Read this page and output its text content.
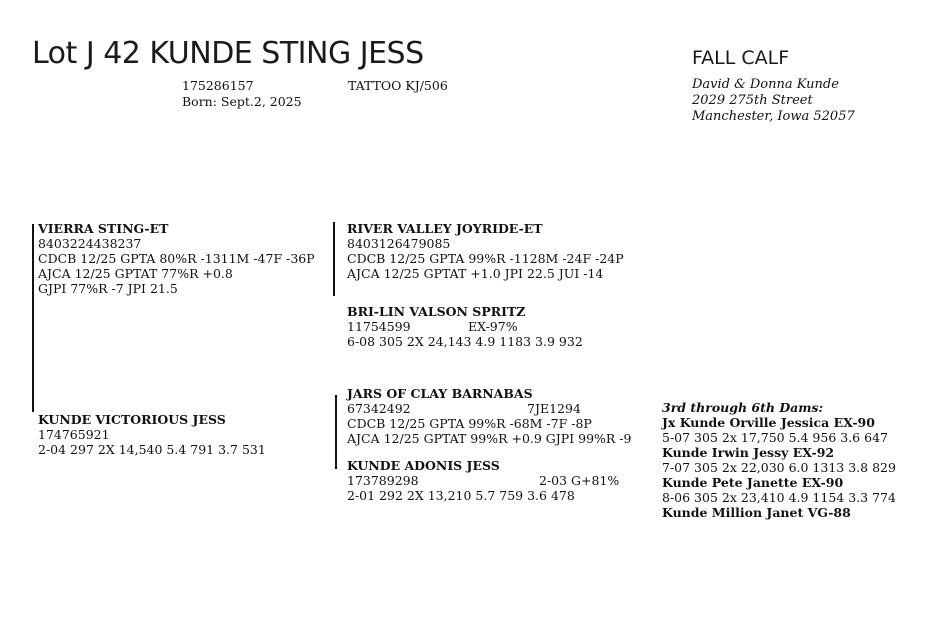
Lot J 42 KUNDE STING JESS
175286157
Born: Sept.2, 2025
TATTOO KJ/506
FALL CALF
David & Donna Kunde
2029 275th Street
Manchester, Iowa 52057
VIERRA STING-ET
8403224438237
CDCB 12/25 GPTA 80%R -1311M -47F -36P
AJCA 12/25 GPTAT 77%R +0.8
GJPI 77%R -7 JPI 21.5
RIVER VALLEY JOYRIDE-ET
8403126479085
CDCB 12/25 GPTA 99%R -1128M -24F -24P
AJCA 12/25 GPTAT +1.0 JPI 22.5 JUI -14
BRI-LIN VALSON SPRITZ
11754599	EX-97%
6-08 305 2X 24,143 4.9 1183 3.9 932
KUNDE VICTORIOUS JESS
174765921
2-04 297 2X 14,540 5.4 791 3.7 531
JARS OF CLAY BARNABAS
67342492	7JE1294
CDCB 12/25 GPTA 99%R -68M -7F -8P
AJCA 12/25 GPTAT 99%R +0.9 GJPI 99%R -9
KUNDE ADONIS JESS
173789298	2-03 G+81%
2-01 292 2X 13,210 5.7 759 3.6 478
3rd through 6th Dams:
Jx Kunde Orville Jessica EX-90
5-07 305 2x 17,750 5.4 956 3.6 647
Kunde Irwin Jessy EX-92
7-07 305 2x 22,030 6.0 1313 3.8 829
Kunde Pete Janette EX-90
8-06 305 2x 23,410 4.9 1154 3.3 774
Kunde Million Janet VG-88
